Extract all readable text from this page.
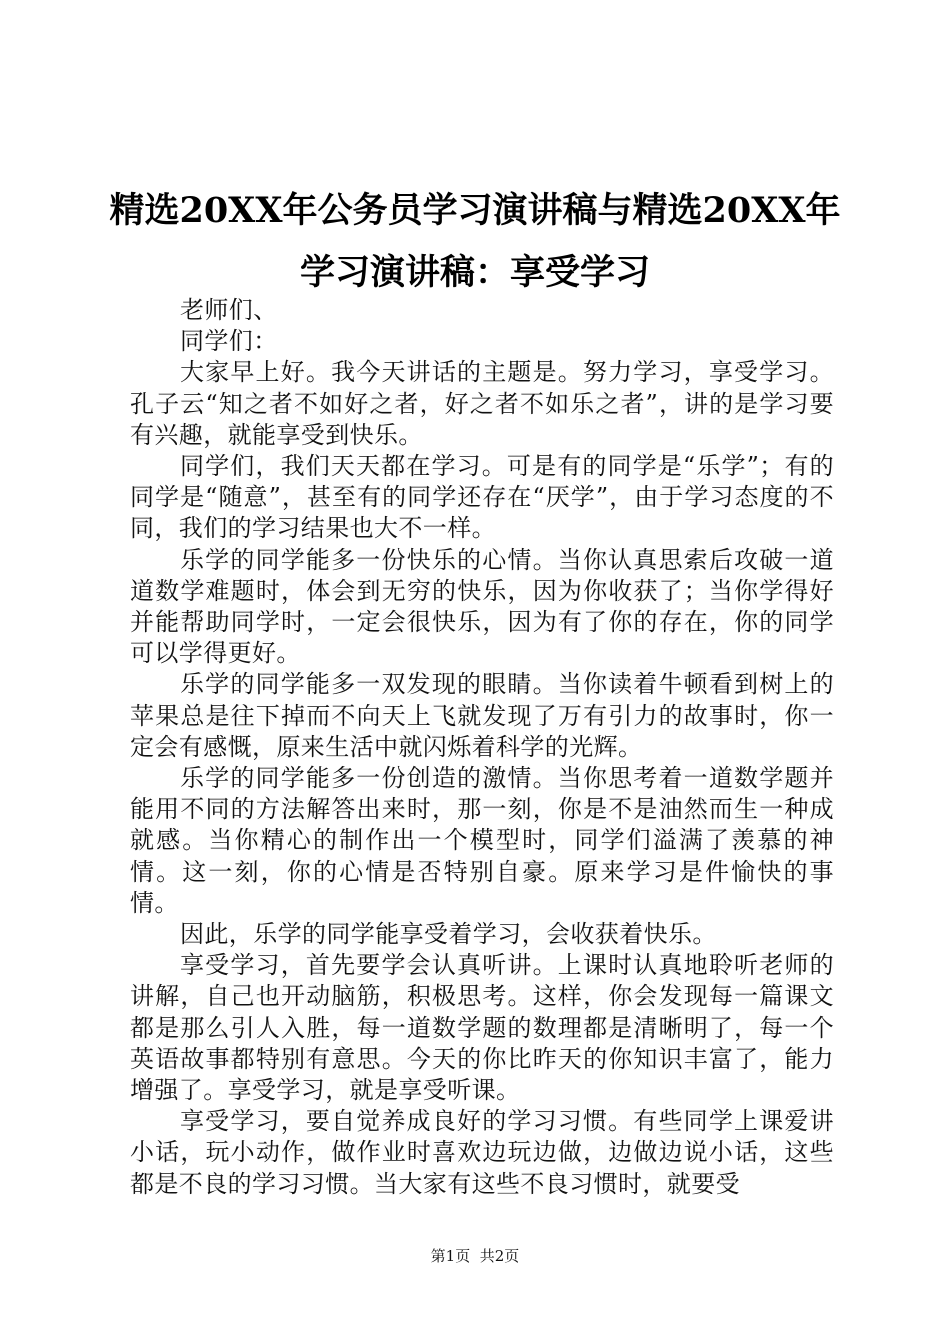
精选20XX年公务员学习演讲稿与精选20XX年学习演讲稿：享受学习

老师们、

同学们：

大家早上好。我今天讲话的主题是。努力学习，享受学习。孔子云“知之者不如好之者，好之者不如乐之者”，讲的是学习要有兴趣，就能享受到快乐。

同学们，我们天天都在学习。可是有的同学是“乐学”；有的同学是“随意”，甚至有的同学还存在“厌学”，由于学习态度的不同，我们的学习结果也大不一样。

乐学的同学能多一份快乐的心情。当你认真思索后攻破一道道数学难题时，体会到无穷的快乐，因为你收获了；当你学得好并能帮助同学时，一定会很快乐，因为有了你的存在，你的同学可以学得更好。

乐学的同学能多一双发现的眼睛。当你读着牛顿看到树上的苹果总是往下掉而不向天上飞就发现了万有引力的故事时，你一定会有感慨，原来生活中就闪烁着科学的光辉。

乐学的同学能多一份创造的激情。当你思考着一道数学题并能用不同的方法解答出来时，那一刻，你是不是油然而生一种成就感。当你精心的制作出一个模型时，同学们溢满了羡慕的神情。这一刻，你的心情是否特别自豪。原来学习是件愉快的事情。

因此，乐学的同学能享受着学习，会收获着快乐。

享受学习，首先要学会认真听讲。上课时认真地聆听老师的讲解，自己也开动脑筋，积极思考。这样，你会发现每一篇课文都是那么引人入胜，每一道数学题的数理都是清晰明了，每一个英语故事都特别有意思。今天的你比昨天的你知识丰富了，能力增强了。享受学习，就是享受听课。

享受学习，要自觉养成良好的学习习惯。有些同学上课爱讲小话，玩小动作，做作业时喜欢边玩边做，边做边说小话，这些都是不良的学习习惯。当大家有这些不良习惯时，就要受

第1页 共2页
